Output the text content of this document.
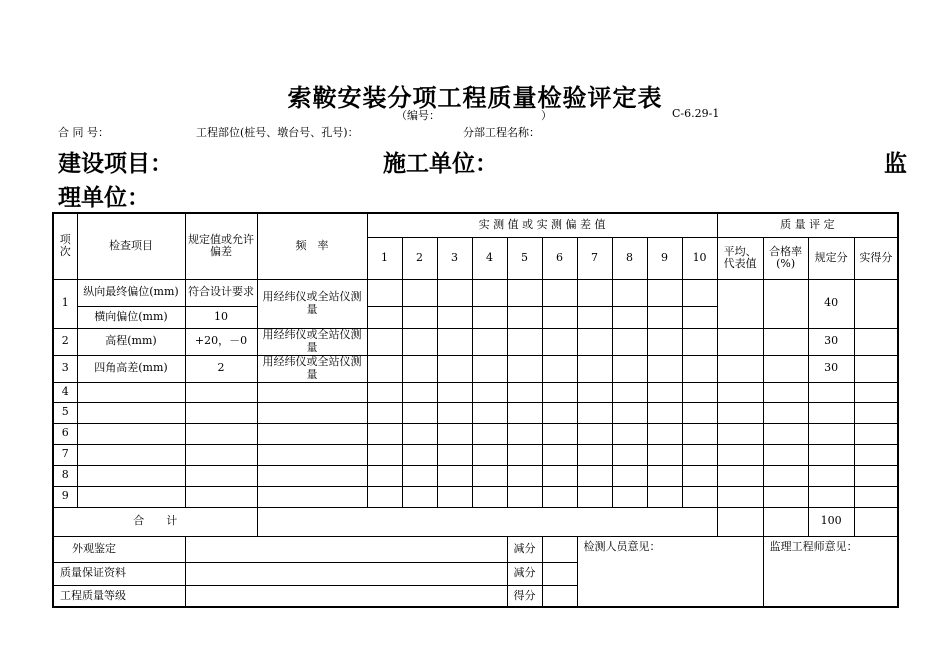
索鞍安装分项工程质量检验评定表
（编号：	）	C-6.29-1
合 同 号：	工程部位(桩号、墩台号、孔号)：	分部工程名称：
建设项目：	施工单位：	监
理单位：
项次	检查项目	规定值或允许偏差	频　率	实 测 值 或 实 测 偏 差 值										质 量 评 定			
				1	2	3	4	5	6	7	8	9	10	平均、代表值	合格率(%)	规定分	实得分
1	纵向最终偏位(mm)	符合设计要求	用经纬仪或全站仪测量													40	
	横向偏位(mm)	10															
2	高程(mm)	+20，－0	用经纬仪或全站仪测量													30	
3	四角高差(mm)	2	用经纬仪或全站仪测量													30	
4																	
5																	
6																	
7																	
8																	
9																	
合　　计																100	
外观鉴定								减分		检测人员意见：					监理工程师意见：		
质量保证资料								减分									
工程质量等级								得分									
